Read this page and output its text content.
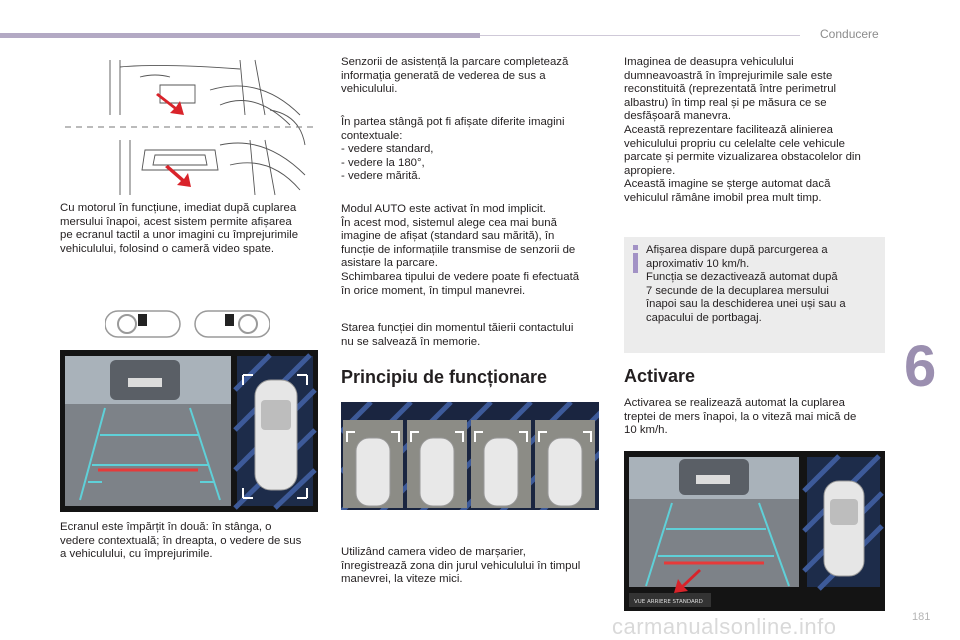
Conducere
6
181
carmanualsonline.info

Cu motorul în funcțiune, imediat după cuplarea
mersului înapoi, acest sistem permite afișarea
pe ecranul tactil a unor imagini cu împrejurimile
vehiculului, folosind o cameră video spate.

Ecranul este împărțit în două: în stânga, o
vedere contextuală; în dreapta, o vedere de sus
a vehiculului, cu împrejurimile.

Senzorii de asistență la parcare completează
informația generată de vederea de sus a
vehiculului.

În partea stângă pot fi afișate diferite imagini
contextuale:
- vedere standard,
- vedere la 180°,
- vedere mărită.

Modul AUTO este activat în mod implicit.
În acest mod, sistemul alege cea mai bună
imagine de afișat (standard sau mărită), în
funcție de informațiile transmise de senzorii de
asistare la parcare.
Schimbarea tipului de vedere poate fi efectuată
în orice moment, în timpul manevrei.

Starea funcției din momentul tăierii contactului
nu se salvează în memorie.

Principiu de funcționare

Utilizând camera video de marșarier,
înregistrează zona din jurul vehiculului în timpul
manevrei, la viteze mici.

Imaginea de deasupra vehiculului
dumneavoastră în împrejurimile sale este
reconstituită (reprezentată între perimetrul
albastru) în timp real și pe măsura ce se
desfășoară manevra.
Această reprezentare facilitează alinierea
vehiculului propriu cu celelalte cele vehicule
parcate și permite vizualizarea obstacolelor din
apropiere.
Această imagine se șterge automat dacă
vehiculul rămâne imobil prea mult timp.

Afișarea dispare după parcurgerea a
aproximativ 10 km/h.
Funcția se dezactivează automat după
7 secunde de la decuplarea mersului
înapoi sau la deschiderea unei uși sau a
capacului de portbagaj.
Activare

Activarea se realizează automat la cuplarea
treptei de mers înapoi, la o viteză mai mică de
10 km/h.

VUE ARRIERE STANDARD
